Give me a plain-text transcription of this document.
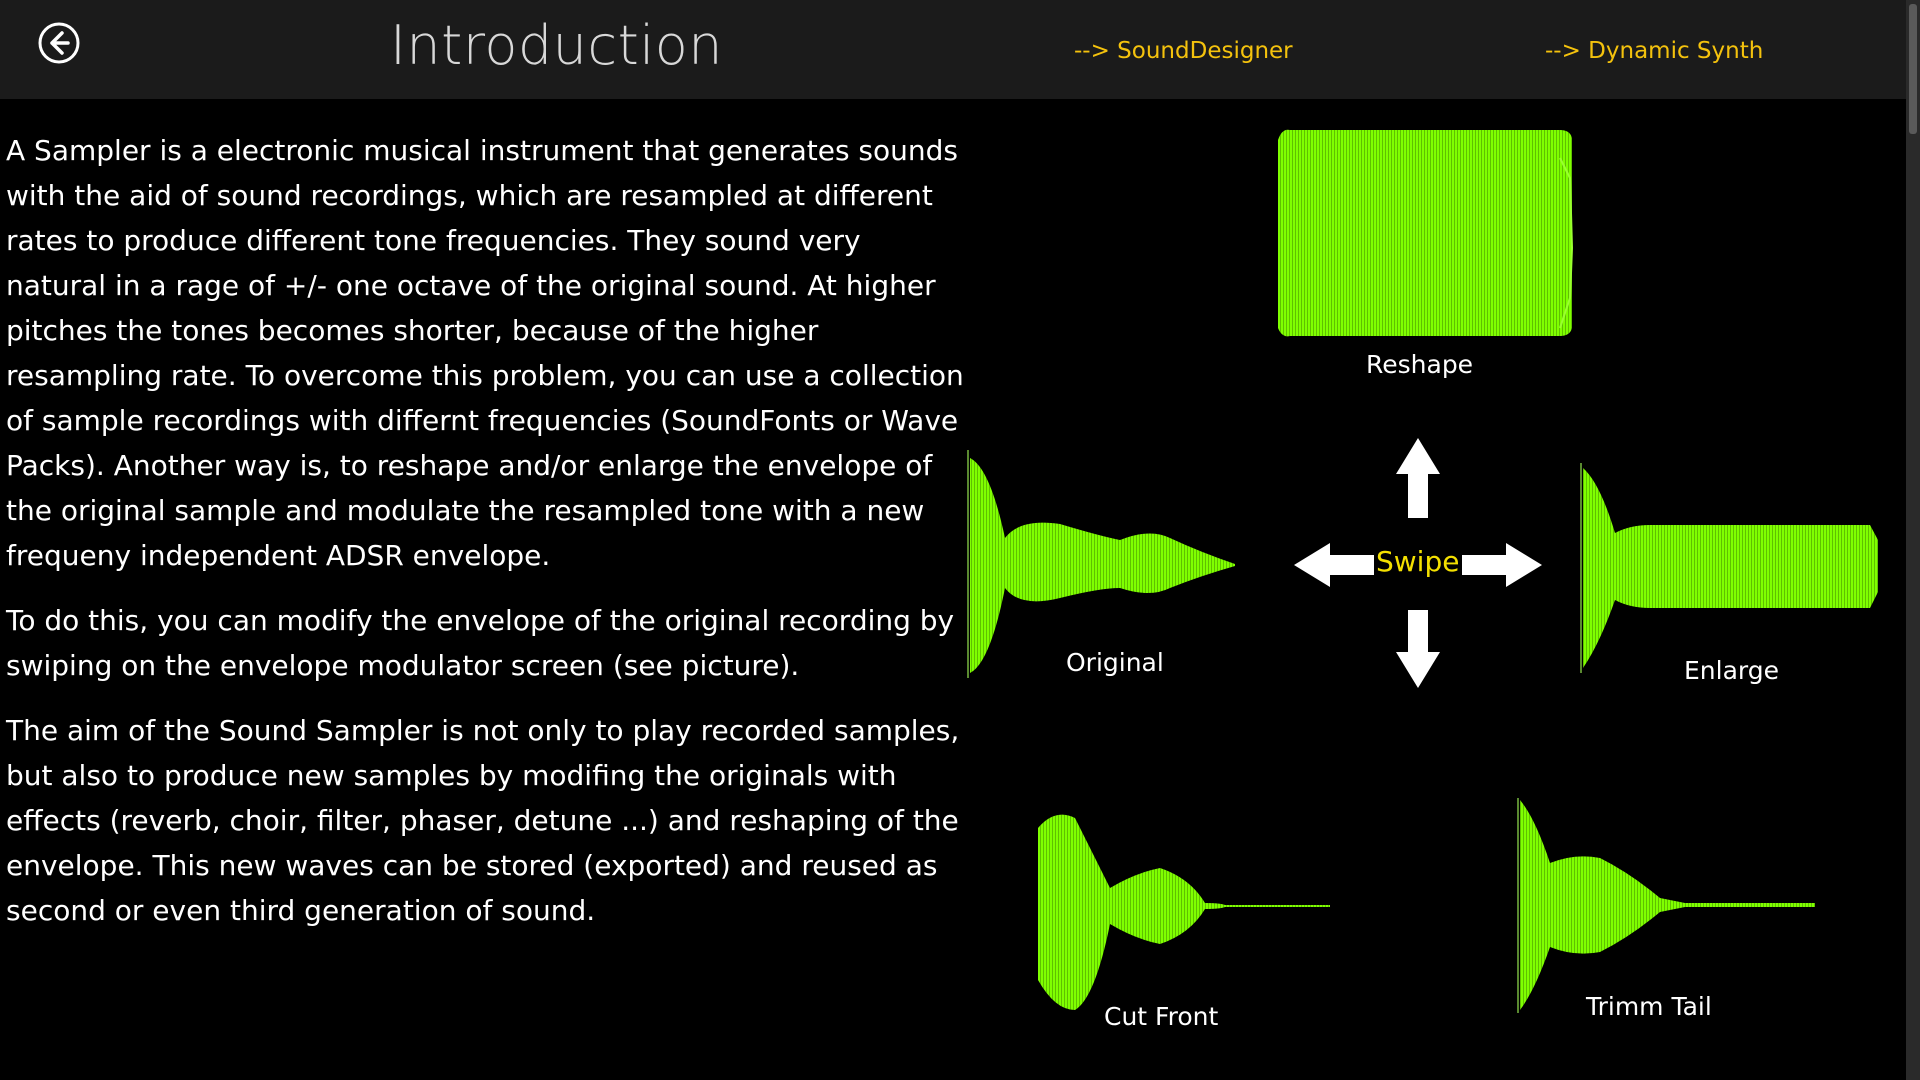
Introduction	--> SoundDesigner	--> Dynamic Synth

A Sampler is a electronic musical instrument that generates sounds with the aid of sound recordings, which are resampled at different rates to produce different tone frequencies. They sound very natural in a rage of +/- one octave of the original sound. At higher pitches the tones becomes shorter, because of the higher resampling rate. To overcome this problem, you can use a collection of sample recordings with differnt frequencies (SoundFonts or Wave Packs). Another way is, to reshape and/or enlarge the envelope of the original sample and modulate the resampled tone with a new frequeny independent ADSR envelope.

To do this, you can modify the envelope of the original recording by swiping on the envelope modulator screen (see picture).

The aim of the Sound Sampler is not only to play recorded samples, but also to produce new samples by modifing the originals with effects (reverb, choir, filter, phaser, detune ...) and reshaping of the envelope. This new waves can be stored (exported) and reused as second or even third generation of sound.

Reshape
Original	Enlarge
Cut Front	Trimm Tail
Swipe
